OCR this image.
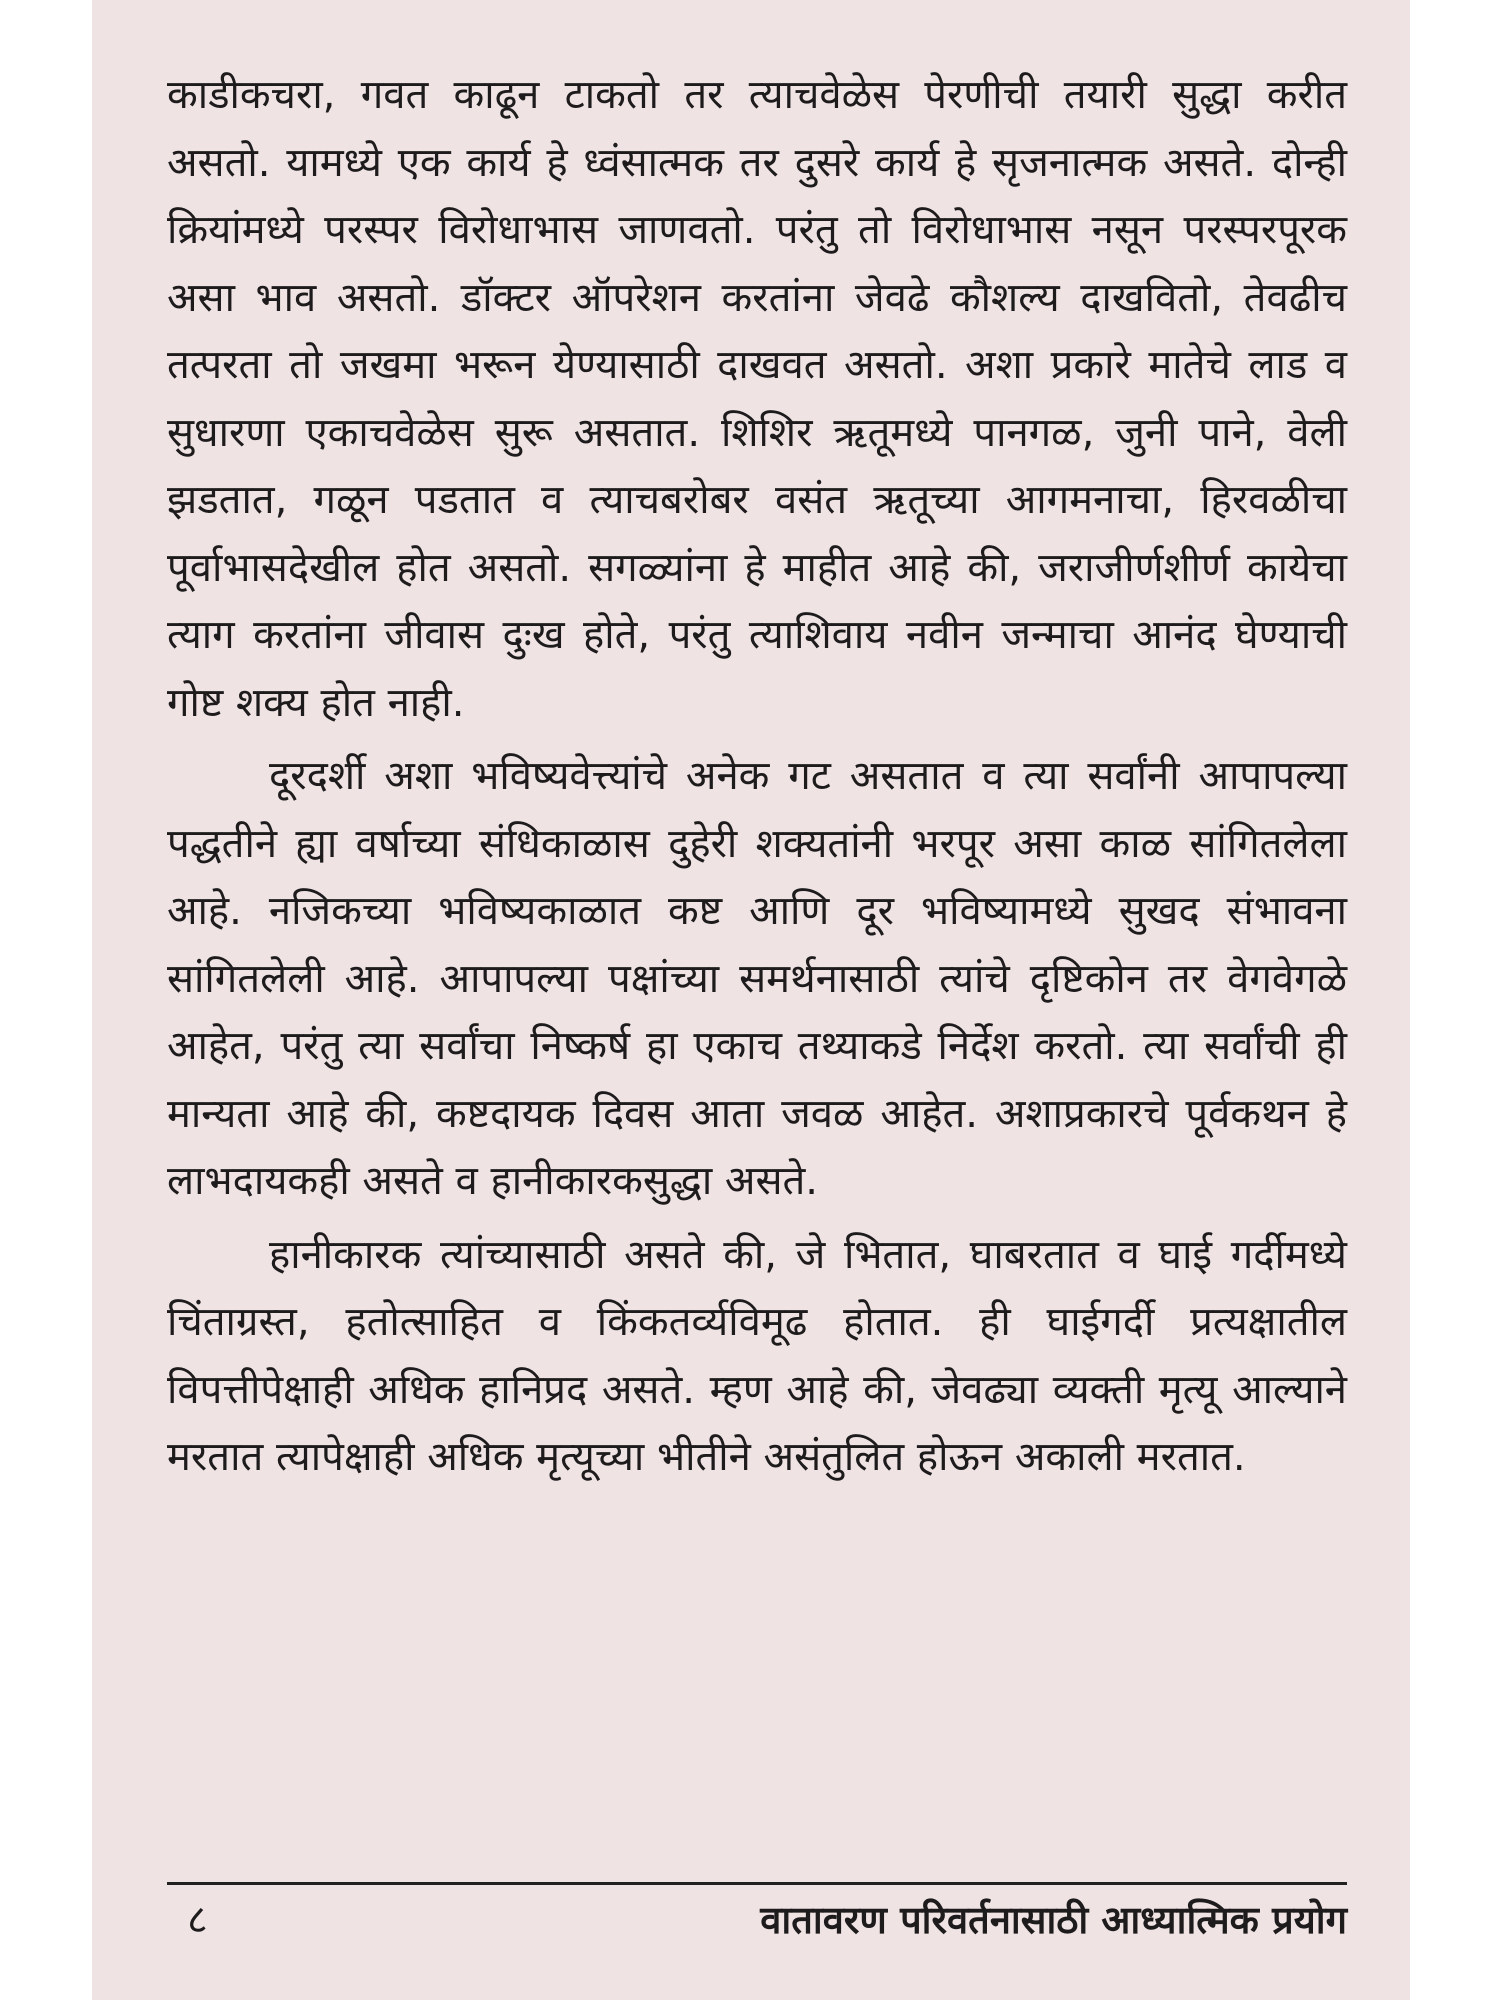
काडीकचरा, गवत काढून टाकतो तर त्याचवेळेस पेरणीची तयारी सुद्धा करीत असतो. यामध्ये एक कार्य हे ध्वंसात्मक तर दुसरे कार्य हे सृजनात्मक असते. दोन्ही क्रियांमध्ये परस्पर विरोधाभास जाणवतो. परंतु तो विरोधाभास नसून परस्परपूरक असा भाव असतो. डॉक्टर ऑपरेशन करतांना जेवढे कौशल्य दाखवितो, तेवढीच तत्परता तो जखमा भरून येण्यासाठी दाखवत असतो. अशा प्रकारे मातेचे लाड व सुधारणा एकाचवेळेस सुरू असतात. शिशिर ऋतूमध्ये पानगळ, जुनी पाने, वेली झडतात, गळून पडतात व त्याचबरोबर वसंत ऋतूच्या आगमनाचा, हिरवळीचा पूर्वाभासदेखील होत असतो. सगळ्यांना हे माहीत आहे की, जराजीर्णशीर्ण कायेचा त्याग करतांना जीवास दुःख होते, परंतु त्याशिवाय नवीन जन्माचा आनंद घेण्याची गोष्ट शक्य होत नाही.

दूरदर्शी अशा भविष्यवेत्त्यांचे अनेक गट असतात व त्या सर्वांनी आपापल्या पद्धतीने ह्या वर्षाच्या संधिकाळास दुहेरी शक्यतांनी भरपूर असा काळ सांगितलेला आहे. नजिकच्या भविष्यकाळात कष्ट आणि दूर भविष्यामध्ये सुखद संभावना सांगितलेली आहे. आपापल्या पक्षांच्या समर्थनासाठी त्यांचे दृष्टिकोन तर वेगवेगळे आहेत, परंतु त्या सर्वांचा निष्कर्ष हा एकाच तथ्याकडे निर्देश करतो. त्या सर्वांची ही मान्यता आहे की, कष्टदायक दिवस आता जवळ आहेत. अशाप्रकारचे पूर्वकथन हे लाभदायकही असते व हानीकारकसुद्धा असते.

हानीकारक त्यांच्यासाठी असते की, जे भितात, घाबरतात व घाई गर्दीमध्ये चिंताग्रस्त, हतोत्साहित व किंकतर्व्यविमूढ होतात. ही घाईगर्दी प्रत्यक्षातील विपत्तीपेक्षाही अधिक हानिप्रद असते. म्हण आहे की, जेवढ्या व्यक्ती मृत्यू आल्याने मरतात त्यापेक्षाही अधिक मृत्यूच्या भीतीने असंतुलित होऊन अकाली मरतात.

८	वातावरण परिवर्तनासाठी आध्यात्मिक प्रयोग
